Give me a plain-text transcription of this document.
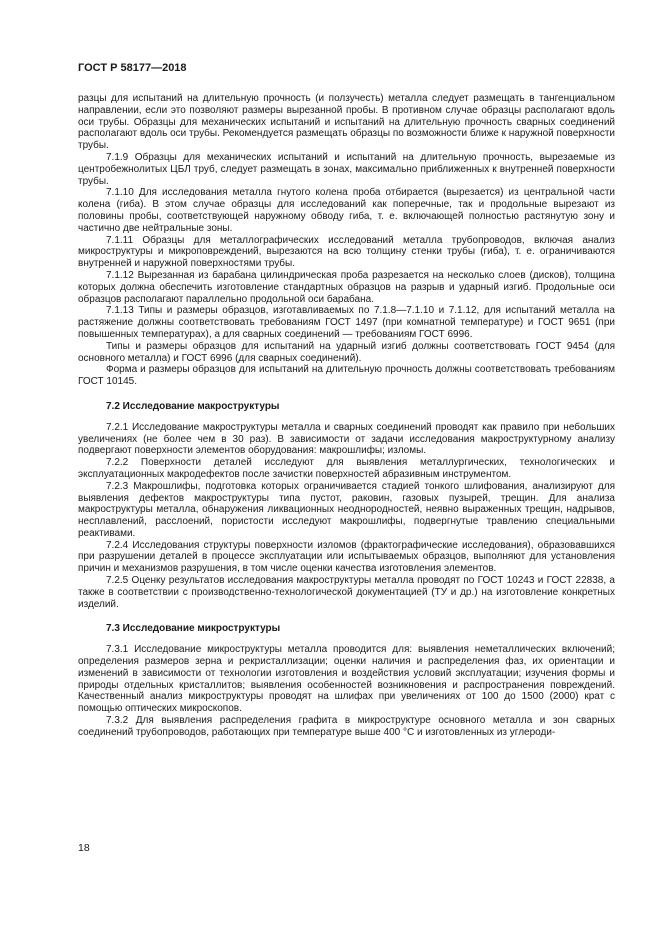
ГОСТ Р 58177—2018

разцы для испытаний на длительную прочность (и ползучесть) металла следует размещать в тангенциальном направлении, если это позволяют размеры вырезанной пробы. В противном случае образцы располагают вдоль оси трубы. Образцы для механических испытаний и испытаний на длительную прочность сварных соединений располагают вдоль оси трубы. Рекомендуется размещать образцы по возможности ближе к наружной поверхности трубы.

7.1.9 Образцы для механических испытаний и испытаний на длительную прочность, вырезаемые из центробежнолитых ЦБЛ труб, следует размещать в зонах, максимально приближенных к внутренней поверхности трубы.

7.1.10 Для исследования металла гнутого колена проба отбирается (вырезается) из центральной части колена (гиба). В этом случае образцы для исследований как поперечные, так и продольные вырезают из половины пробы, соответствующей наружному обводу гиба, т. е. включающей полностью растянутую зону и частично две нейтральные зоны.

7.1.11 Образцы для металлографических исследований металла трубопроводов, включая анализ микроструктуры и микроповреждений, вырезаются на всю толщину стенки трубы (гиба), т. е. ограничиваются внутренней и наружной поверхностями трубы.

7.1.12 Вырезанная из барабана цилиндрическая проба разрезается на несколько слоев (дисков), толщина которых должна обеспечить изготовление стандартных образцов на разрыв и ударный изгиб. Продольные оси образцов располагают параллельно продольной оси барабана.

7.1.13 Типы и размеры образцов, изготавливаемых по 7.1.8—7.1.10 и 7.1.12, для испытаний металла на растяжение должны соответствовать требованиям ГОСТ 1497 (при комнатной температуре) и ГОСТ 9651 (при повышенных температурах), а для сварных соединений — требованиям ГОСТ 6996.

Типы и размеры образцов для испытаний на ударный изгиб должны соответствовать ГОСТ 9454 (для основного металла) и ГОСТ 6996 (для сварных соединений).

Форма и размеры образцов для испытаний на длительную прочность должны соответствовать требованиям ГОСТ 10145.

7.2 Исследование макроструктуры

7.2.1 Исследование макроструктуры металла и сварных соединений проводят как правило при небольших увеличениях (не более чем в 30 раз). В зависимости от задачи исследования макроструктурному анализу подвергают поверхности элементов оборудования: макрошлифы; изломы.

7.2.2 Поверхности деталей исследуют для выявления металлургических, технологических и эксплуатационных макродефектов после зачистки поверхностей абразивным инструментом.

7.2.3 Макрошлифы, подготовка которых ограничивается стадией тонкого шлифования, анализируют для выявления дефектов макроструктуры типа пустот, раковин, газовых пузырей, трещин. Для анализа макроструктуры металла, обнаружения ликвационных неоднородностей, неявно выраженных трещин, надрывов, несплавлений, расслоений, пористости исследуют макрошлифы, подвергнутые травлению специальными реактивами.

7.2.4 Исследования структуры поверхности изломов (фрактографические исследования), образовавшихся при разрушении деталей в процессе эксплуатации или испытываемых образцов, выполняют для установления причин и механизмов разрушения, в том числе оценки качества изготовления элементов.

7.2.5 Оценку результатов исследования макроструктуры металла проводят по ГОСТ 10243 и ГОСТ 22838, а также в соответствии с производственно-технологической документацией (ТУ и др.) на изготовление конкретных изделий.

7.3 Исследование микроструктуры

7.3.1 Исследование микроструктуры металла проводится для: выявления неметаллических включений; определения размеров зерна и рекристаллизации; оценки наличия и распределения фаз, их ориентации и изменений в зависимости от технологии изготовления и воздействия условий эксплуатации; изучения формы и природы отдельных кристаллитов; выявления особенностей возникновения и распространения повреждений. Качественный анализ микроструктуры проводят на шлифах при увеличениях от 100 до 1500 (2000) крат с помощью оптических микроскопов.

7.3.2 Для выявления распределения графита в микроструктуре основного металла и зон сварных соединений трубопроводов, работающих при температуре выше 400 °С и изготовленных из углероди-

18
